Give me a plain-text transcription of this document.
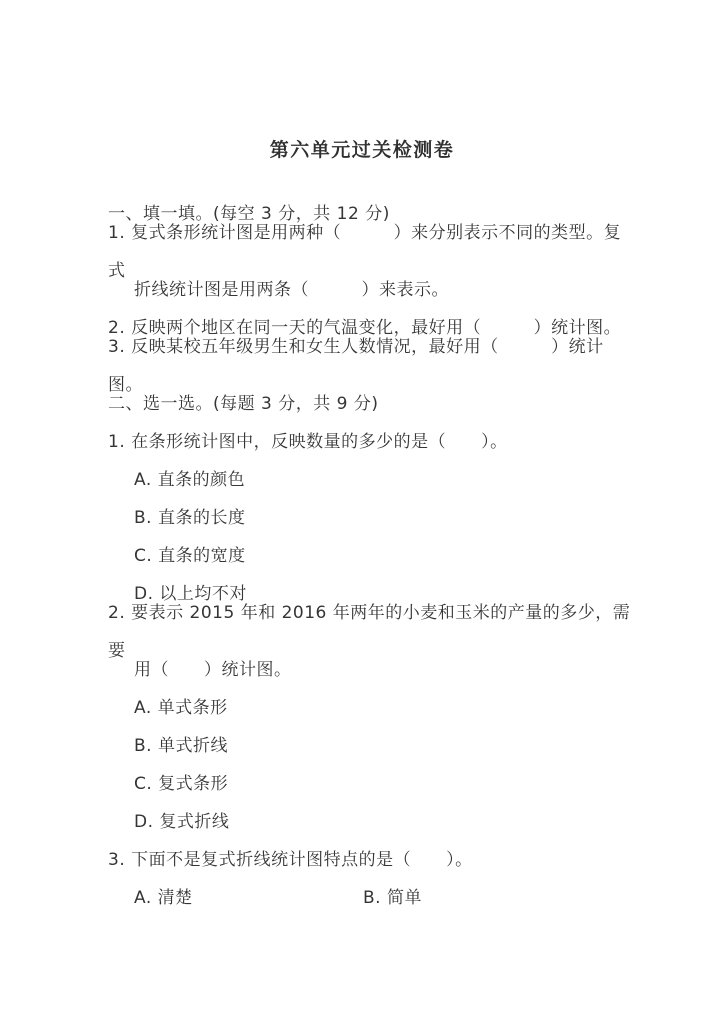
第六单元过关检测卷
一、填一填。(每空 3 分，共 12 分)
1. 复式条形统计图是用两种（　　　）来分别表示不同的类型。复式
折线统计图是用两条（　　　）来表示。
2. 反映两个地区在同一天的气温变化，最好用（　　　）统计图。
3. 反映某校五年级男生和女生人数情况，最好用（　　　）统计图。
二、选一选。(每题 3 分，共 9 分)
1. 在条形统计图中，反映数量的多少的是（　　）。
A. 直条的颜色
B. 直条的长度
C. 直条的宽度
D. 以上均不对
2. 要表示 2015 年和 2016 年两年的小麦和玉米的产量的多少，需要
用（　　）统计图。
A. 单式条形
B. 单式折线
C. 复式条形
D. 复式折线
3. 下面不是复式折线统计图特点的是（　　）。
A. 清楚	B. 简单
